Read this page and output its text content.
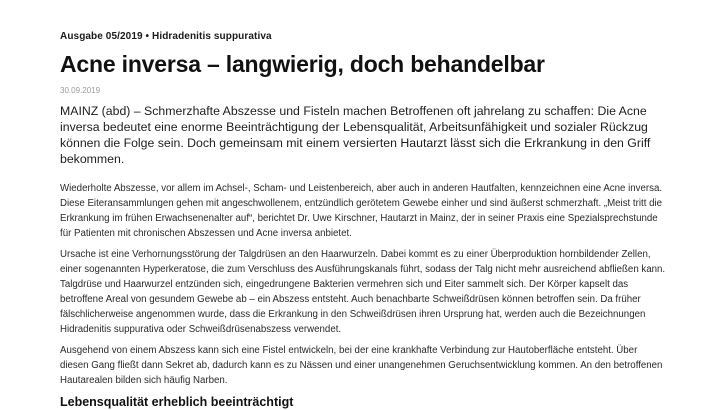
Ausgabe 05/2019 • Hidradenitis suppurativa
Acne inversa – langwierig, doch behandelbar
30.09.2019

MAINZ (abd) – Schmerzhafte Abszesse und Fisteln machen Betroffenen oft jahrelang zu schaffen: Die Acne inversa bedeutet eine enorme Beeinträchtigung der Lebensqualität, Arbeitsunfähigkeit und sozialer Rückzug können die Folge sein. Doch gemeinsam mit einem versierten Hautarzt lässt sich die Erkrankung in den Griff bekommen.

Wiederholte Abszesse, vor allem im Achsel-, Scham- und Leistenbereich, aber auch in anderen Hautfalten, kennzeichnen eine Acne inversa. Diese Eiteransammlungen gehen mit angeschwollenem, entzündlich gerötetem Gewebe einher und sind äußerst schmerzhaft. „Meist tritt die Erkrankung im frühen Erwachsenenalter auf“, berichtet Dr. Uwe Kirschner, Hautarzt in Mainz, der in seiner Praxis eine Spezialsprechstunde für Patienten mit chronischen Abszessen und Acne inversa anbietet.

Ursache ist eine Verhornungsstörung der Talgdrüsen an den Haarwurzeln. Dabei kommt es zu einer Überproduktion hornbildender Zellen, einer sogenannten Hyperkeratose, die zum Verschluss des Ausführungskanals führt, sodass der Talg nicht mehr ausreichend abfließen kann. Talgdrüse und Haarwurzel entzünden sich, eingedrungene Bakterien vermehren sich und Eiter sammelt sich. Der Körper kapselt das betroffene Areal von gesundem Gewebe ab – ein Abszess entsteht. Auch benachbarte Schweißdrüsen können betroffen sein. Da früher fälschlicherweise angenommen wurde, dass die Erkrankung in den Schweißdrüsen ihren Ursprung hat, werden auch die Bezeichnungen Hidradenitis suppurativa oder Schweißdrüsenabszess verwendet.

Ausgehend von einem Abszess kann sich eine Fistel entwickeln, bei der eine krankhafte Verbindung zur Hautoberfläche entsteht. Über diesen Gang fließt dann Sekret ab, dadurch kann es zu Nässen und einer unangenehmen Geruchsentwicklung kommen. An den betroffenen Hautarealen bilden sich häufig Narben.

Lebensqualität erheblich beeinträchtigt
